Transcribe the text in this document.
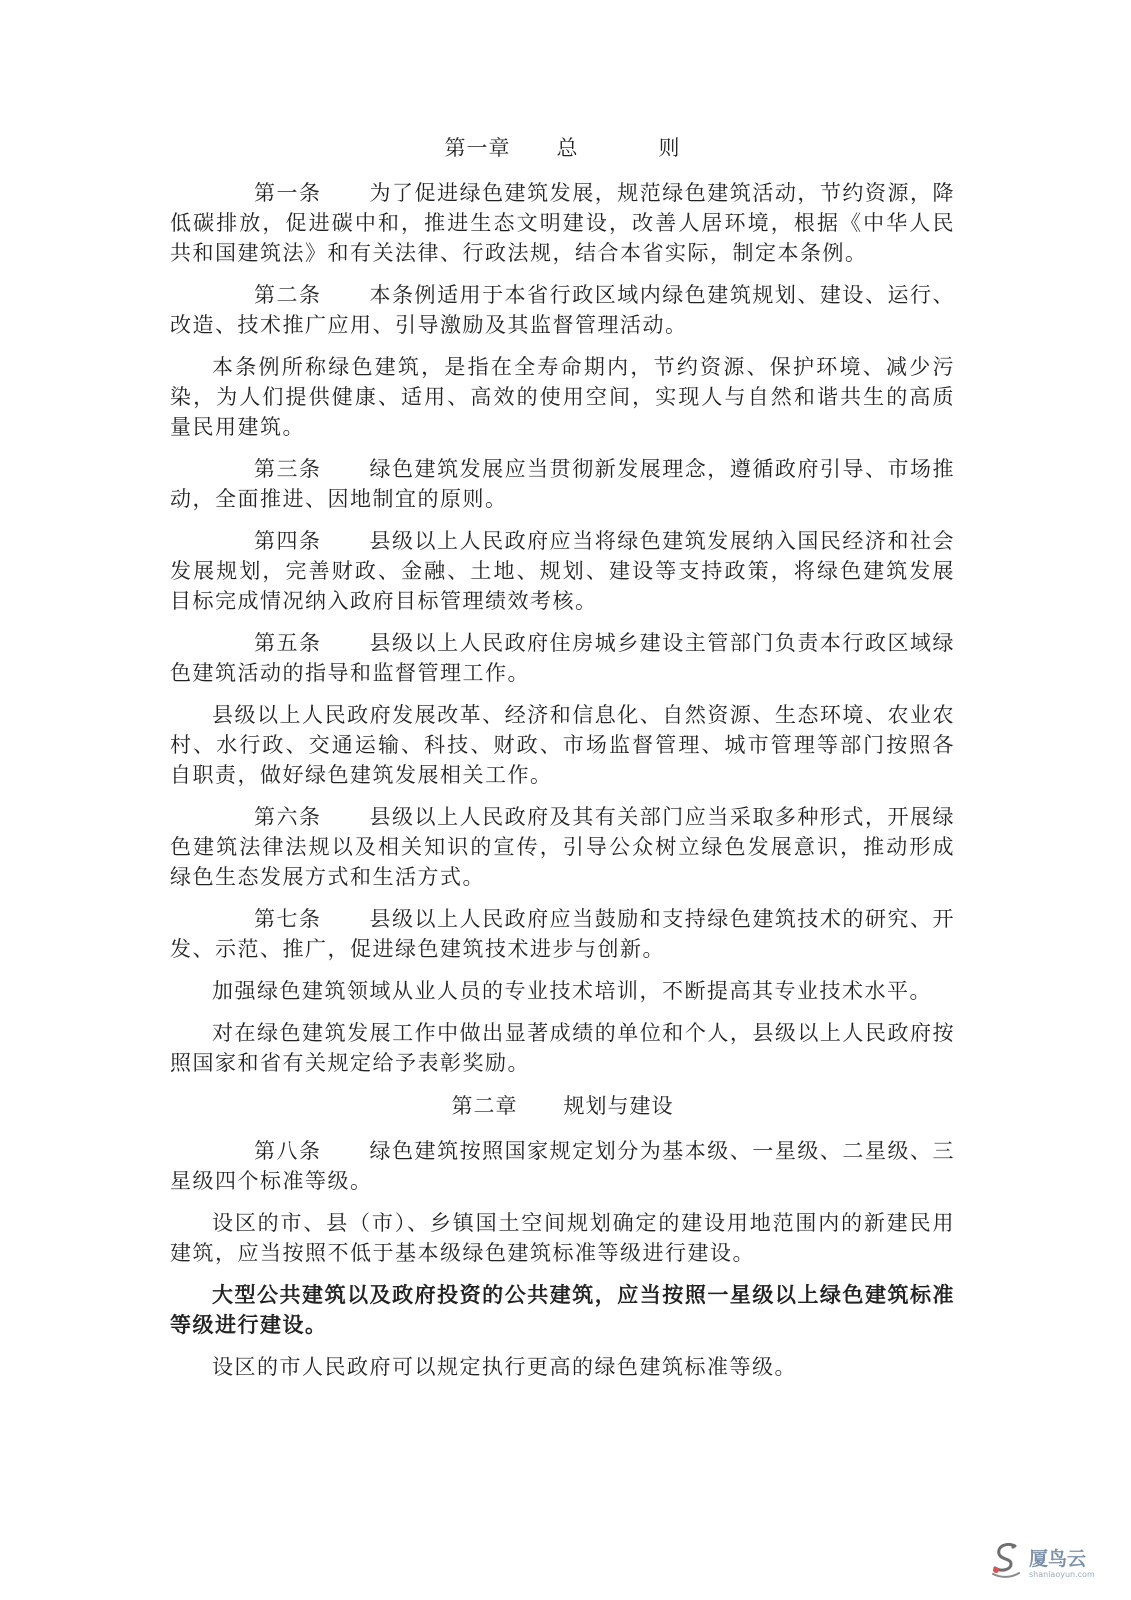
第一章 总	则

第一条 为了促进绿色建筑发展，规范绿色建筑活动，节约资源，降低碳排放，促进碳中和，推进生态文明建设，改善人居环境，根据《中华人民共和国建筑法》和有关法律、行政法规，结合本省实际，制定本条例。

第二条 本条例适用于本省行政区域内绿色建筑规划、建设、运行、改造、技术推广应用、引导激励及其监督管理活动。

本条例所称绿色建筑，是指在全寿命期内，节约资源、保护环境、减少污染，为人们提供健康、适用、高效的使用空间，实现人与自然和谐共生的高质量民用建筑。

第三条 绿色建筑发展应当贯彻新发展理念，遵循政府引导、市场推动，全面推进、因地制宜的原则。

第四条 县级以上人民政府应当将绿色建筑发展纳入国民经济和社会发展规划，完善财政、金融、土地、规划、建设等支持政策，将绿色建筑发展目标完成情况纳入政府目标管理绩效考核。

第五条 县级以上人民政府住房城乡建设主管部门负责本行政区域绿色建筑活动的指导和监督管理工作。

县级以上人民政府发展改革、经济和信息化、自然资源、生态环境、农业农村、水行政、交通运输、科技、财政、市场监督管理、城市管理等部门按照各自职责，做好绿色建筑发展相关工作。

第六条 县级以上人民政府及其有关部门应当采取多种形式，开展绿色建筑法律法规以及相关知识的宣传，引导公众树立绿色发展意识，推动形成绿色生态发展方式和生活方式。

第七条 县级以上人民政府应当鼓励和支持绿色建筑技术的研究、开发、示范、推广，促进绿色建筑技术进步与创新。

加强绿色建筑领域从业人员的专业技术培训，不断提高其专业技术水平。

对在绿色建筑发展工作中做出显著成绩的单位和个人，县级以上人民政府按照国家和省有关规定给予表彰奖励。

第二章 规划与建设

第八条 绿色建筑按照国家规定划分为基本级、一星级、二星级、三星级四个标准等级。

设区的市、县（市）、乡镇国土空间规划确定的建设用地范围内的新建民用建筑，应当按照不低于基本级绿色建筑标准等级进行建设。

大型公共建筑以及政府投资的公共建筑，应当按照一星级以上绿色建筑标准等级进行建设。

设区的市人民政府可以规定执行更高的绿色建筑标准等级。

厦鸟云
shaniaoyun.com
